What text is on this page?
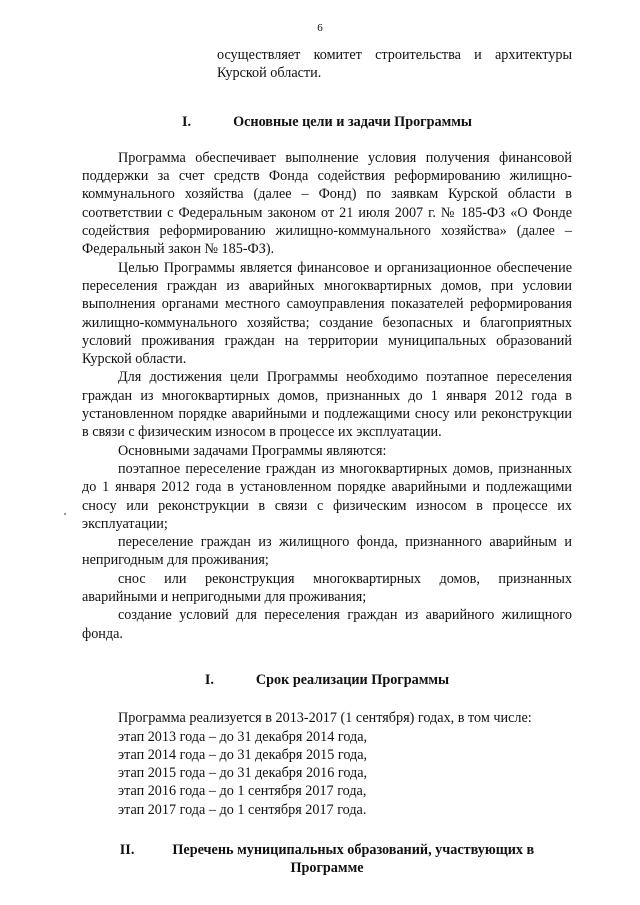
6

осуществляет комитет строительства и архитектуры Курской области.

I.	Основные цели и задачи Программы

Программа обеспечивает выполнение условия получения финансовой поддержки за счет средств Фонда содействия реформированию жилищно-коммунального хозяйства (далее – Фонд) по заявкам Курской области в соответствии с Федеральным законом от 21 июля 2007 г. № 185-ФЗ «О Фонде содействия реформированию жилищно-коммунального хозяйства» (далее – Федеральный закон № 185-ФЗ).

Целью Программы является финансовое и организационное обеспечение переселения граждан из аварийных многоквартирных домов, при условии выполнения органами местного самоуправления показателей реформирования жилищно-коммунального хозяйства; создание безопасных и благоприятных условий проживания граждан на территории муниципальных образований Курской области.

Для достижения цели Программы необходимо поэтапное переселения граждан из многоквартирных домов, признанных до 1 января 2012 года в установленном порядке аварийными и подлежащими сносу или реконструкции в связи с физическим износом в процессе их эксплуатации.

Основными задачами Программы являются:

поэтапное переселение граждан из многоквартирных домов, признанных до 1 января 2012 года в установленном порядке аварийными и подлежащими сносу или реконструкции в связи с физическим износом в процессе их эксплуатации;

переселение граждан из жилищного фонда, признанного аварийным и непригодным для проживания;

снос или реконструкция многоквартирных домов, признанных аварийными и непригодными для проживания;

создание условий для переселения граждан из аварийного жилищного фонда.

I.	Срок реализации Программы

Программа реализуется в 2013-2017 (1 сентября) годах, в том числе:

этап 2013 года – до 31 декабря 2014 года,

этап 2014 года – до 31 декабря 2015 года,

этап 2015 года – до 31 декабря 2016 года,

этап 2016 года – до 1 сентября 2017 года,

этап 2017 года – до 1 сентября 2017 года.

II.	Перечень муниципальных образований, участвующих в
Программе
